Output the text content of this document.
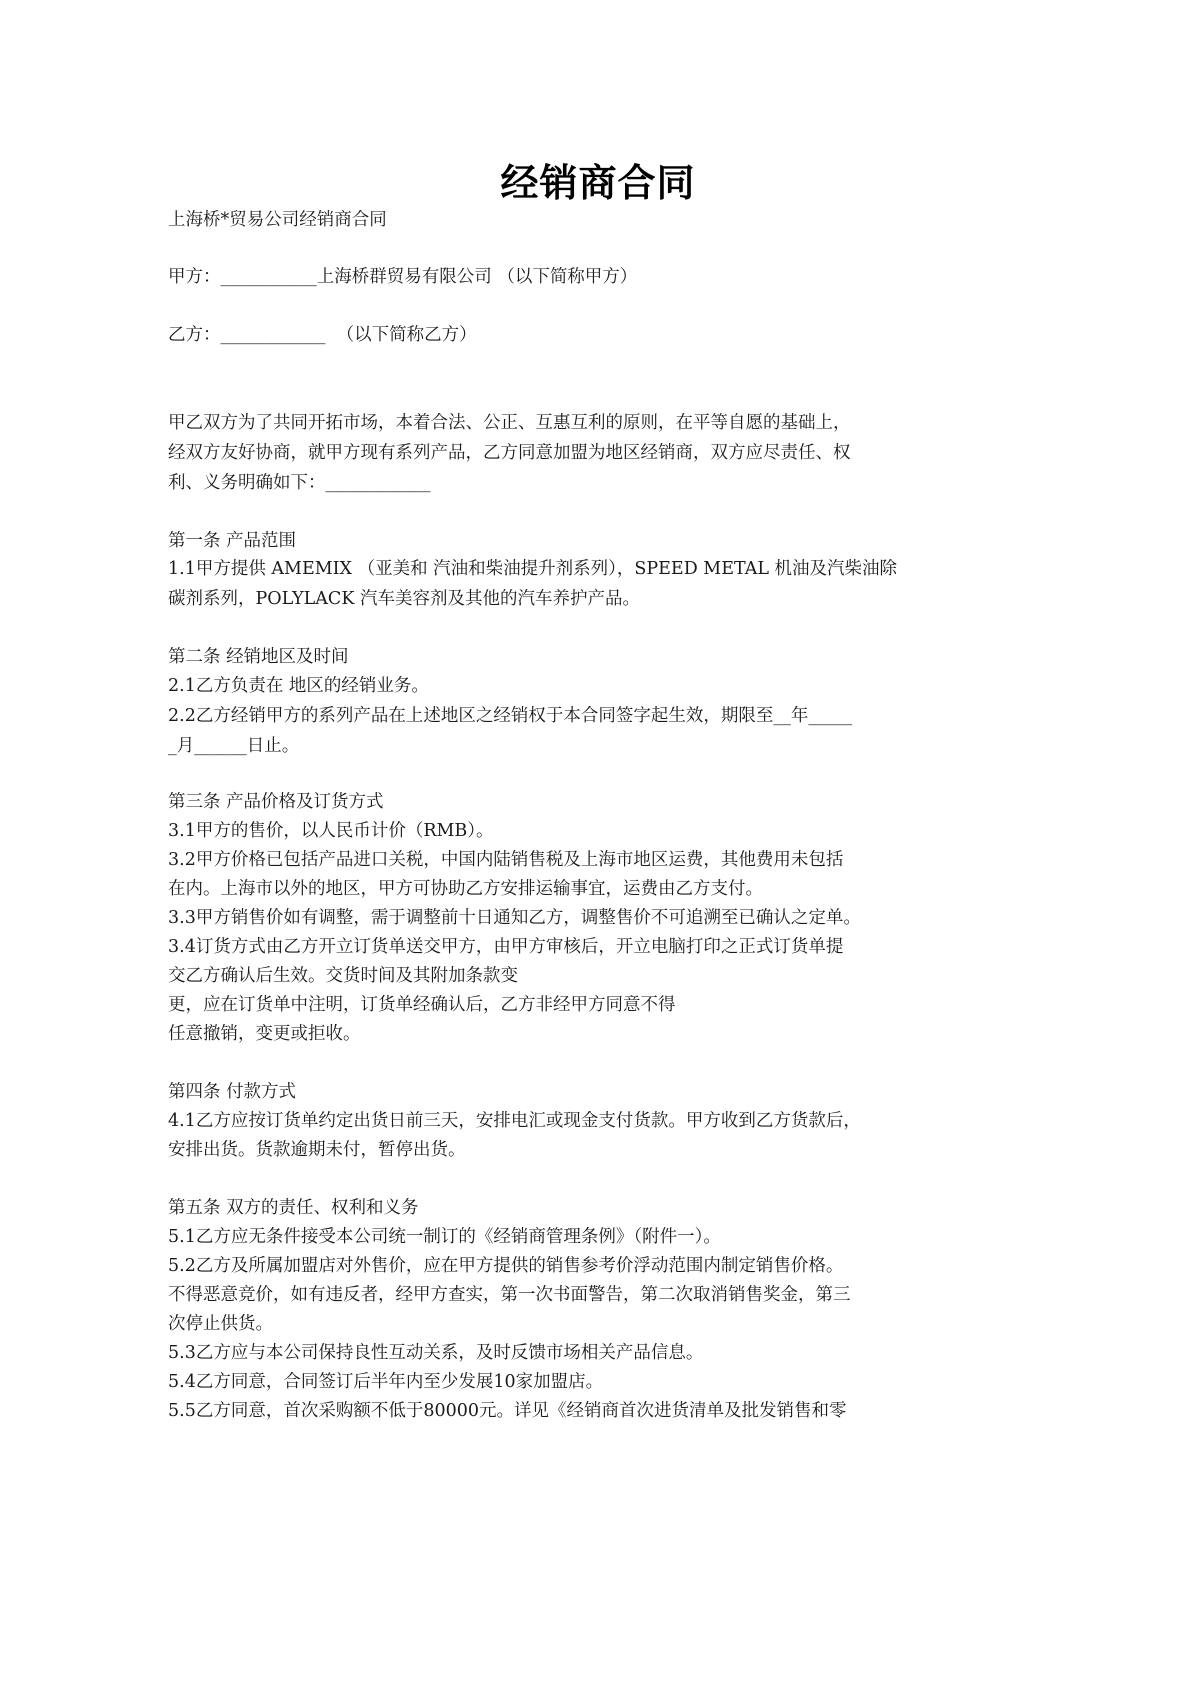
经销商合同

上海桥*贸易公司经销商合同

甲方：___________上海桥群贸易有限公司 （以下简称甲方）

乙方：____________  （以下简称乙方）

甲乙双方为了共同开拓市场，本着合法、公正、互惠互利的原则，在平等自愿的基础上，

经双方友好协商，就甲方现有系列产品，乙方同意加盟为地区经销商，双方应尽责任、权

利、义务明确如下：____________

第一条 产品范围

1.1甲方提供 AMEMIX （亚美和 汽油和柴油提升剂系列），SPEED METAL 机油及汽柴油除

碳剂系列，POLYLACK 汽车美容剂及其他的汽车养护产品。

第二条 经销地区及时间

2.1乙方负责在 地区的经销业务。

2.2乙方经销甲方的系列产品在上述地区之经销权于本合同签字起生效，期限至__年_____

_月______日止。

第三条 产品价格及订货方式

3.1甲方的售价，以人民币计价（RMB）。

3.2甲方价格已包括产品进口关税，中国内陆销售税及上海市地区运费，其他费用未包括

在内。上海市以外的地区，甲方可协助乙方安排运输事宜，运费由乙方支付。

3.3甲方销售价如有调整，需于调整前十日通知乙方，调整售价不可追溯至已确认之定单。

3.4订货方式由乙方开立订货单送交甲方，由甲方审核后，开立电脑打印之正式订货单提

交乙方确认后生效。交货时间及其附加条款变

更，应在订货单中注明，订货单经确认后，乙方非经甲方同意不得

任意撤销，变更或拒收。

第四条 付款方式

4.1乙方应按订货单约定出货日前三天，安排电汇或现金支付货款。甲方收到乙方货款后，

安排出货。货款逾期未付，暂停出货。

第五条 双方的责任、权利和义务

5.1乙方应无条件接受本公司统一制订的《经销商管理条例》（附件一）。

5.2乙方及所属加盟店对外售价，应在甲方提供的销售参考价浮动范围内制定销售价格。

不得恶意竞价，如有违反者，经甲方查实，第一次书面警告，第二次取消销售奖金，第三

次停止供货。

5.3乙方应与本公司保持良性互动关系，及时反馈市场相关产品信息。

5.4乙方同意，合同签订后半年内至少发展10家加盟店。

5.5乙方同意，首次采购额不低于80000元。详见《经销商首次进货清单及批发销售和零
